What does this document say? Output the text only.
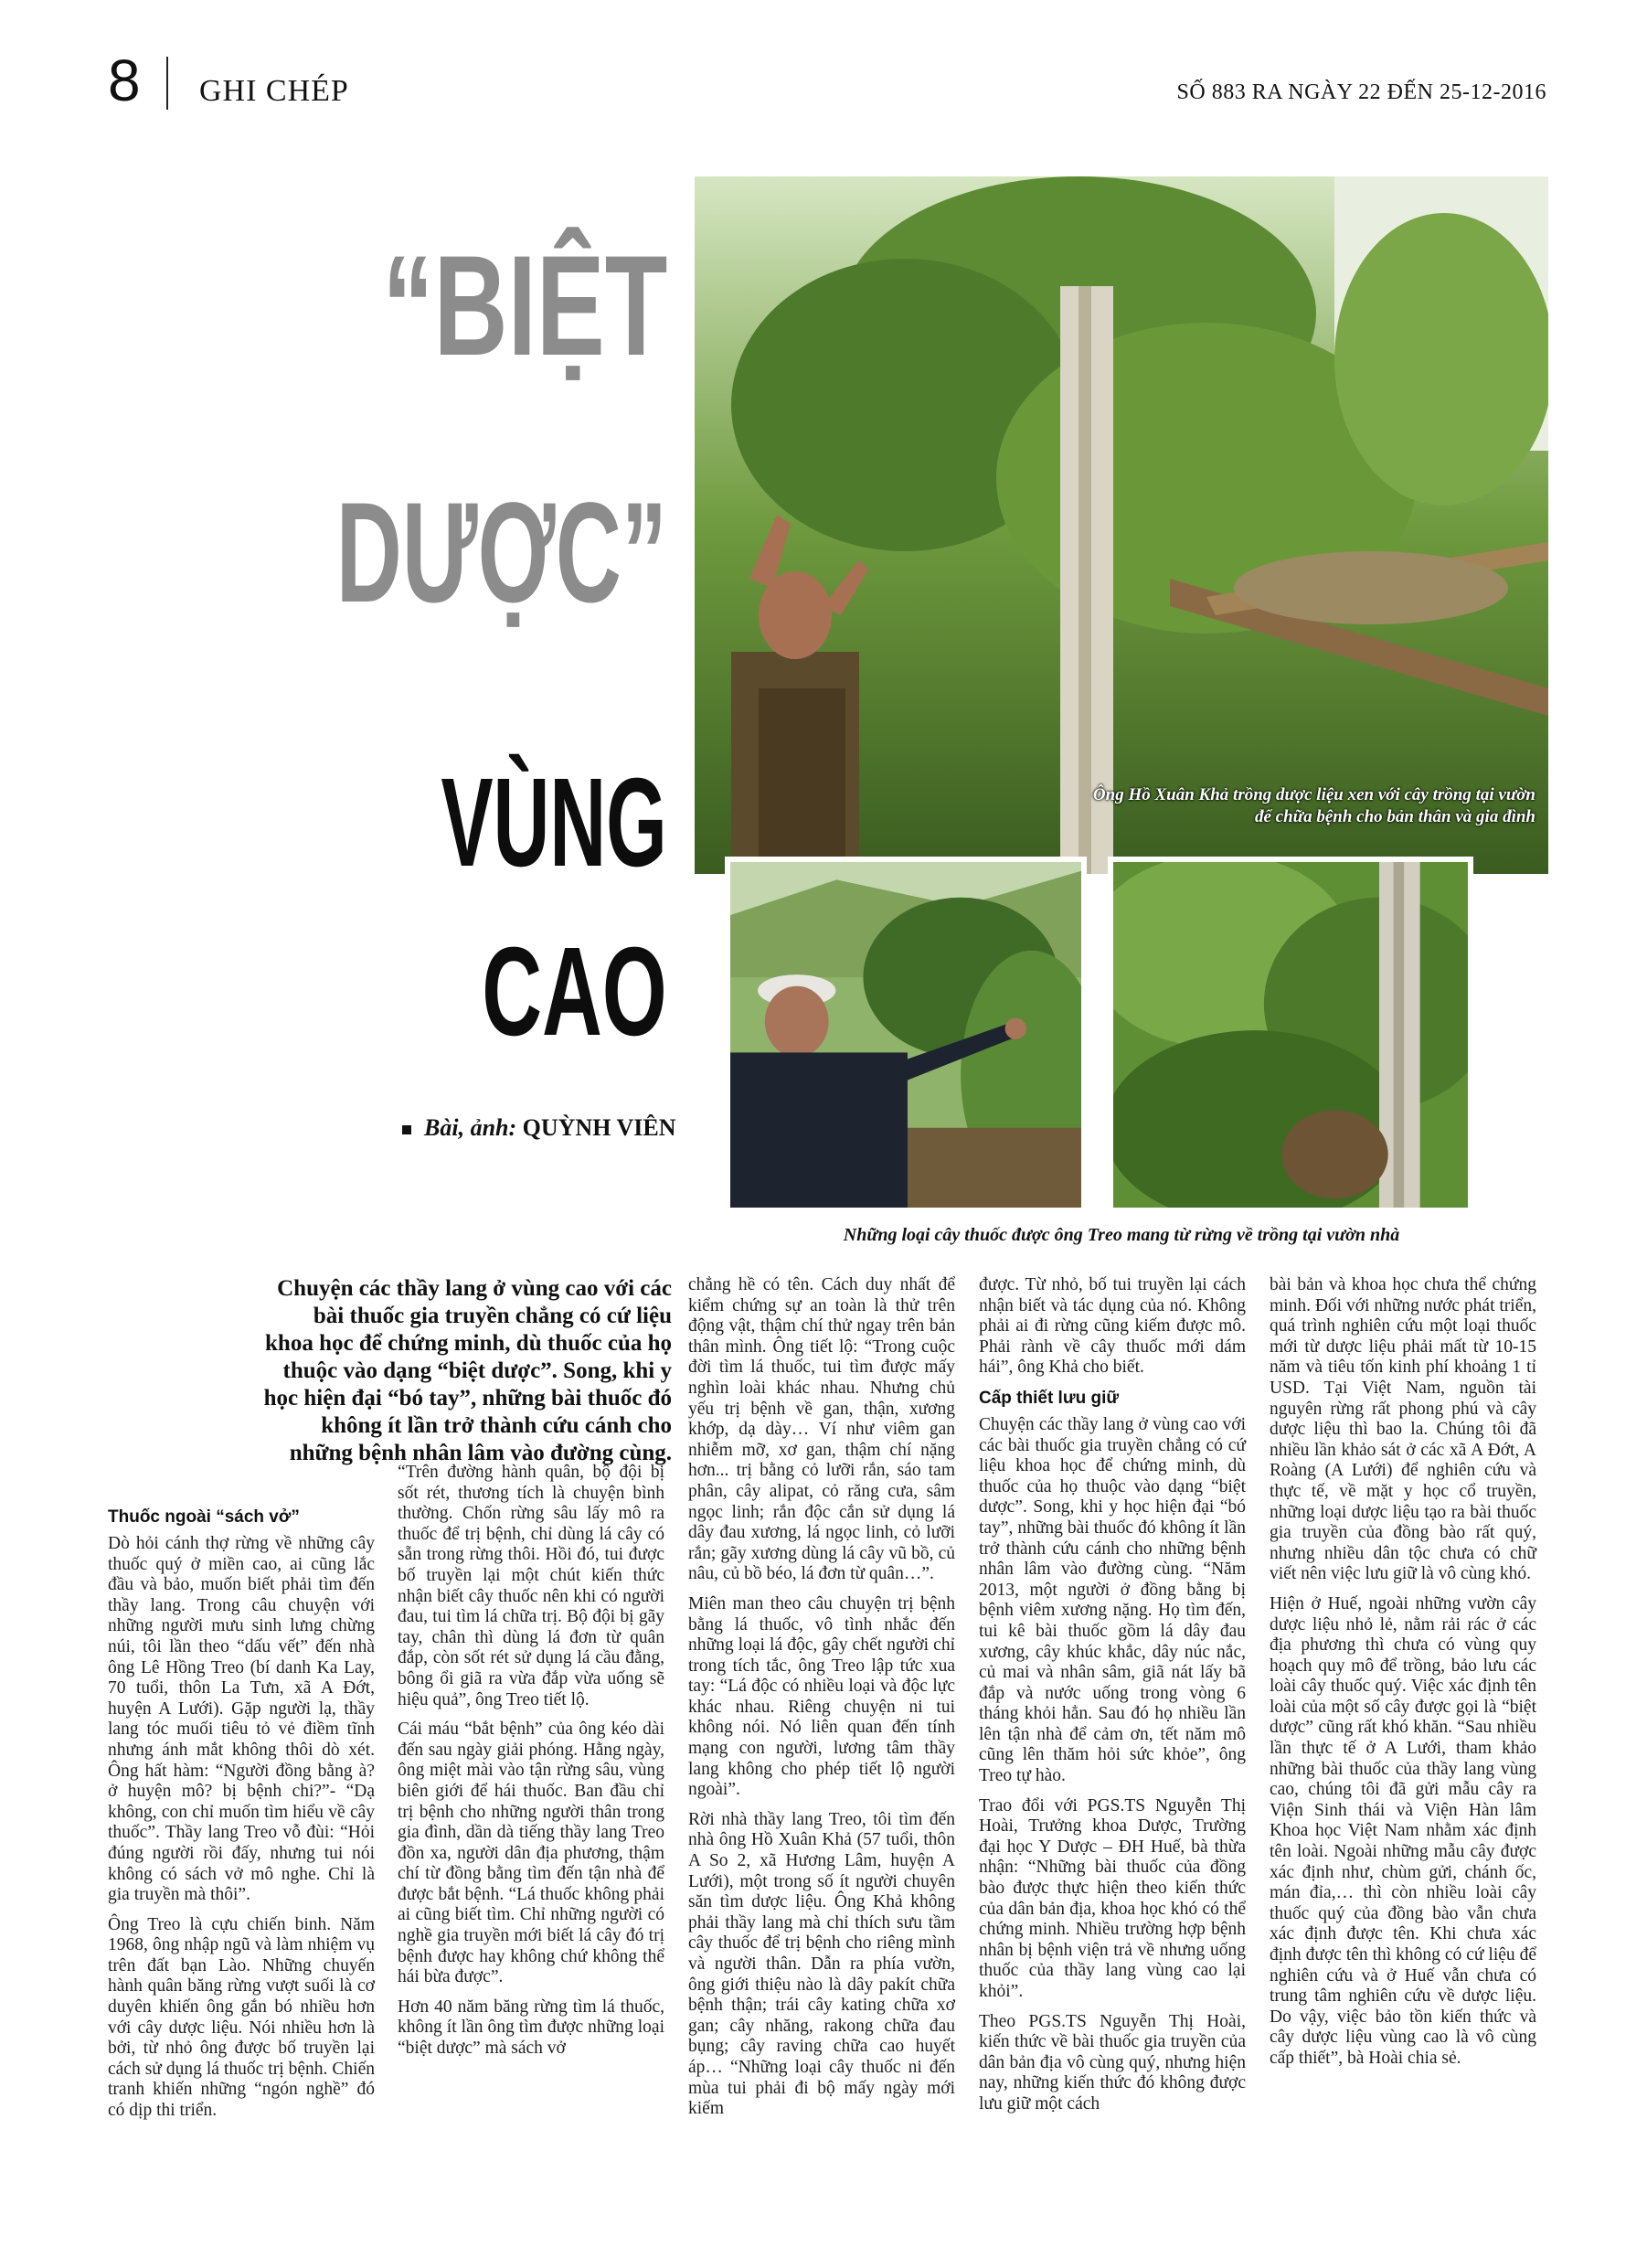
8 GHI CHÉP	SỐ 883 RA NGÀY 22 ĐẾN 25-12-2016
“BIỆT
DƯỢC”
VÙNG
CAO
Bài, ảnh: QUỲNH VIÊN
Ông Hồ Xuân Khả trồng dược liệu xen với cây trồng tại vườn để chữa bệnh cho bản thân và gia đình
Những loại cây thuốc được ông Treo mang từ rừng về trồng tại vườn nhà
Chuyện các thầy lang ở vùng cao với các bài thuốc gia truyền chẳng có cứ liệu khoa học để chứng minh, dù thuốc của họ thuộc vào dạng “biệt dược”. Song, khi y học hiện đại “bó tay”, những bài thuốc đó không ít lần trở thành cứu cánh cho những bệnh nhân lâm vào đường cùng.
Thuốc ngoài “sách vở”

Dò hỏi cánh thợ rừng về những cây thuốc quý ở miền cao, ai cũng lắc đầu và bảo, muốn biết phải tìm đến thầy lang. Trong câu chuyện với những người mưu sinh lưng chừng núi, tôi lần theo “dấu vết” đến nhà ông Lê Hồng Treo (bí danh Ka Lay, 70 tuổi, thôn La Tưn, xã A Đớt, huyện A Lưới). Gặp người lạ, thầy lang tóc muối tiêu tỏ vẻ điềm tĩnh nhưng ánh mắt không thôi dò xét. Ông hất hàm: “Người đồng bằng à? ở huyện mô? bị bệnh chi?”- “Dạ không, con chỉ muốn tìm hiểu về cây thuốc”. Thầy lang Treo vỗ đùi: “Hỏi đúng người rồi đấy, nhưng tui nói không có sách vở mô nghe. Chỉ là gia truyền mà thôi”.

Ông Treo là cựu chiến binh. Năm 1968, ông nhập ngũ và làm nhiệm vụ trên đất bạn Lào. Những chuyến hành quân băng rừng vượt suối là cơ duyên khiến ông gắn bó nhiều hơn với cây dược liệu. Nói nhiều hơn là bởi, từ nhỏ ông được bố truyền lại cách sử dụng lá thuốc trị bệnh. Chiến tranh khiến những “ngón nghề” đó có dịp thi triển.

“Trên đường hành quân, bộ đội bị sốt rét, thương tích là chuyện bình thường. Chốn rừng sâu lấy mô ra thuốc để trị bệnh, chỉ dùng lá cây có sẵn trong rừng thôi. Hồi đó, tui được bố truyền lại một chút kiến thức nhận biết cây thuốc nên khi có người đau, tui tìm lá chữa trị. Bộ đội bị gãy tay, chân thì dùng lá đơn từ quân đắp, còn sốt rét sử dụng lá cầu đằng, bông ổi giã ra vừa đắp vừa uống sẽ hiệu quả”, ông Treo tiết lộ.

Cái máu “bắt bệnh” của ông kéo dài đến sau ngày giải phóng. Hằng ngày, ông miệt mài vào tận rừng sâu, vùng biên giới để hái thuốc. Ban đầu chỉ trị bệnh cho những người thân trong gia đình, dần dà tiếng thầy lang Treo đồn xa, người dân địa phương, thậm chí từ đồng bằng tìm đến tận nhà để được bắt bệnh. “Lá thuốc không phải ai cũng biết tìm. Chỉ những người có nghề gia truyền mới biết lá cây đó trị bệnh được hay không chứ không thể hái bừa được”.

Hơn 40 năm băng rừng tìm lá thuốc, không ít lần ông tìm được những loại “biệt dược” mà sách vở

chẳng hề có tên. Cách duy nhất để kiểm chứng sự an toàn là thử trên động vật, thậm chí thử ngay trên bản thân mình. Ông tiết lộ: “Trong cuộc đời tìm lá thuốc, tui tìm được mấy nghìn loài khác nhau. Nhưng chủ yếu trị bệnh về gan, thận, xương khớp, dạ dày… Ví như viêm gan nhiễm mỡ, xơ gan, thậm chí nặng hơn... trị bằng cỏ lưỡi rắn, sáo tam phân, cây alipat, cỏ răng cưa, sâm ngọc linh; rắn độc cắn sử dụng lá dây đau xương, lá ngọc linh, cỏ lưỡi rắn; gãy xương dùng lá cây vũ bồ, củ nâu, củ bồ béo, lá đơn từ quân…”.

Miên man theo câu chuyện trị bệnh bằng lá thuốc, vô tình nhắc đến những loại lá độc, gây chết người chỉ trong tích tắc, ông Treo lập tức xua tay: “Lá độc có nhiều loại và độc lực khác nhau. Riêng chuyện ni tui không nói. Nó liên quan đến tính mạng con người, lương tâm thầy lang không cho phép tiết lộ người ngoài”.

Rời nhà thầy lang Treo, tôi tìm đến nhà ông Hồ Xuân Khả (57 tuổi, thôn A So 2, xã Hương Lâm, huyện A Lưới), một trong số ít người chuyên săn tìm dược liệu. Ông Khả không phải thầy lang mà chỉ thích sưu tầm cây thuốc để trị bệnh cho riêng mình và người thân. Dẫn ra phía vườn, ông giới thiệu nào là dây pakít chữa bệnh thận; trái cây kating chữa xơ gan; cây nhăng, rakong chữa đau bụng; cây raving chữa cao huyết áp… “Những loại cây thuốc ni đến mùa tui phải đi bộ mấy ngày mới kiếm

được. Từ nhỏ, bố tui truyền lại cách nhận biết và tác dụng của nó. Không phải ai đi rừng cũng kiếm được mô. Phải rành về cây thuốc mới dám hái”, ông Khả cho biết.

Cấp thiết lưu giữ

Chuyện các thầy lang ở vùng cao với các bài thuốc gia truyền chẳng có cứ liệu khoa học để chứng minh, dù thuốc của họ thuộc vào dạng “biệt dược”. Song, khi y học hiện đại “bó tay”, những bài thuốc đó không ít lần trở thành cứu cánh cho những bệnh nhân lâm vào đường cùng. “Năm 2013, một người ở đồng bằng bị bệnh viêm xương nặng. Họ tìm đến, tui kê bài thuốc gồm lá dây đau xương, cây khúc khắc, dây núc nắc, củ mai và nhân sâm, giã nát lấy bã đắp và nước uống trong vòng 6 tháng khỏi hẳn. Sau đó họ nhiều lần lên tận nhà để cảm ơn, tết năm mô cũng lên thăm hỏi sức khỏe”, ông Treo tự hào.

Trao đổi với PGS.TS Nguyễn Thị Hoài, Trưởng khoa Dược, Trường đại học Y Dược – ĐH Huế, bà thừa nhận: “Những bài thuốc của đồng bào được thực hiện theo kiến thức của dân bản địa, khoa học khó có thể chứng minh. Nhiều trường hợp bệnh nhân bị bệnh viện trả về nhưng uống thuốc của thầy lang vùng cao lại khỏi”.

Theo PGS.TS Nguyễn Thị Hoài, kiến thức về bài thuốc gia truyền của dân bản địa vô cùng quý, nhưng hiện nay, những kiến thức đó không được lưu giữ một cách

bài bản và khoa học chưa thể chứng minh. Đối với những nước phát triển, quá trình nghiên cứu một loại thuốc mới từ dược liệu phải mất từ 10-15 năm và tiêu tốn kinh phí khoảng 1 tỉ USD. Tại Việt Nam, nguồn tài nguyên rừng rất phong phú và cây dược liệu thì bao la. Chúng tôi đã nhiều lần khảo sát ở các xã A Đớt, A Roàng (A Lưới) để nghiên cứu và thực tế, về mặt y học cổ truyền, những loại dược liệu tạo ra bài thuốc gia truyền của đồng bào rất quý, nhưng nhiều dân tộc chưa có chữ viết nên việc lưu giữ là vô cùng khó.

Hiện ở Huế, ngoài những vườn cây dược liệu nhỏ lẻ, nằm rải rác ở các địa phương thì chưa có vùng quy hoạch quy mô để trồng, bảo lưu các loài cây thuốc quý. Việc xác định tên loài của một số cây được gọi là “biệt dược” cũng rất khó khăn. “Sau nhiều lần thực tế ở A Lưới, tham khảo những bài thuốc của thầy lang vùng cao, chúng tôi đã gửi mẫu cây ra Viện Sinh thái và Viện Hàn lâm Khoa học Việt Nam nhằm xác định tên loài. Ngoài những mẫu cây được xác định như, chùm gửi, chánh ốc, mán đỉa,… thì còn nhiều loài cây thuốc quý của đồng bào vẫn chưa xác định được tên. Khi chưa xác định được tên thì không có cứ liệu để nghiên cứu và ở Huế vẫn chưa có trung tâm nghiên cứu về dược liệu. Do vậy, việc bảo tồn kiến thức và cây dược liệu vùng cao là vô cùng cấp thiết”, bà Hoài chia sẻ.
